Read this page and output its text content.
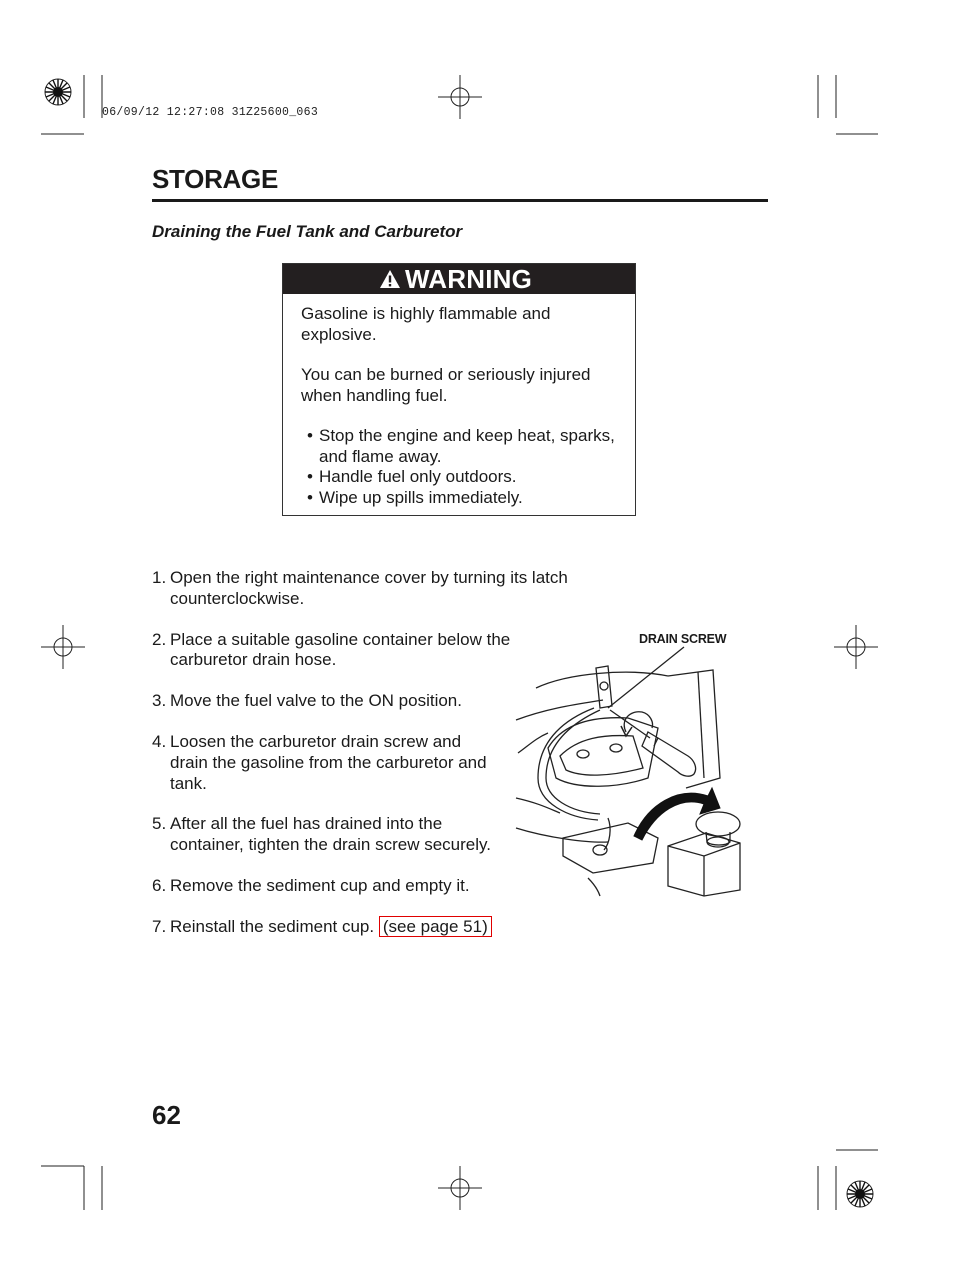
06/09/12 12:27:08 31Z25600_063
STORAGE
Draining the Fuel Tank and Carburetor
WARNING

Gasoline is highly flammable and explosive.

You can be burned or seriously injured when handling fuel.

• Stop the engine and keep heat, sparks, and flame away.
• Handle fuel only outdoors.
• Wipe up spills immediately.
1. Open the right maintenance cover by turning its latch counterclockwise.
2. Place a suitable gasoline container below the carburetor drain hose.
3. Move the fuel valve to the ON position.
4. Loosen the carburetor drain screw and drain the gasoline from the carburetor and tank.
5. After all the fuel has drained into the container, tighten the drain screw securely.
6. Remove the sediment cup and empty it.
7. Reinstall the sediment cup. (see page 51)
DRAIN SCREW
62
